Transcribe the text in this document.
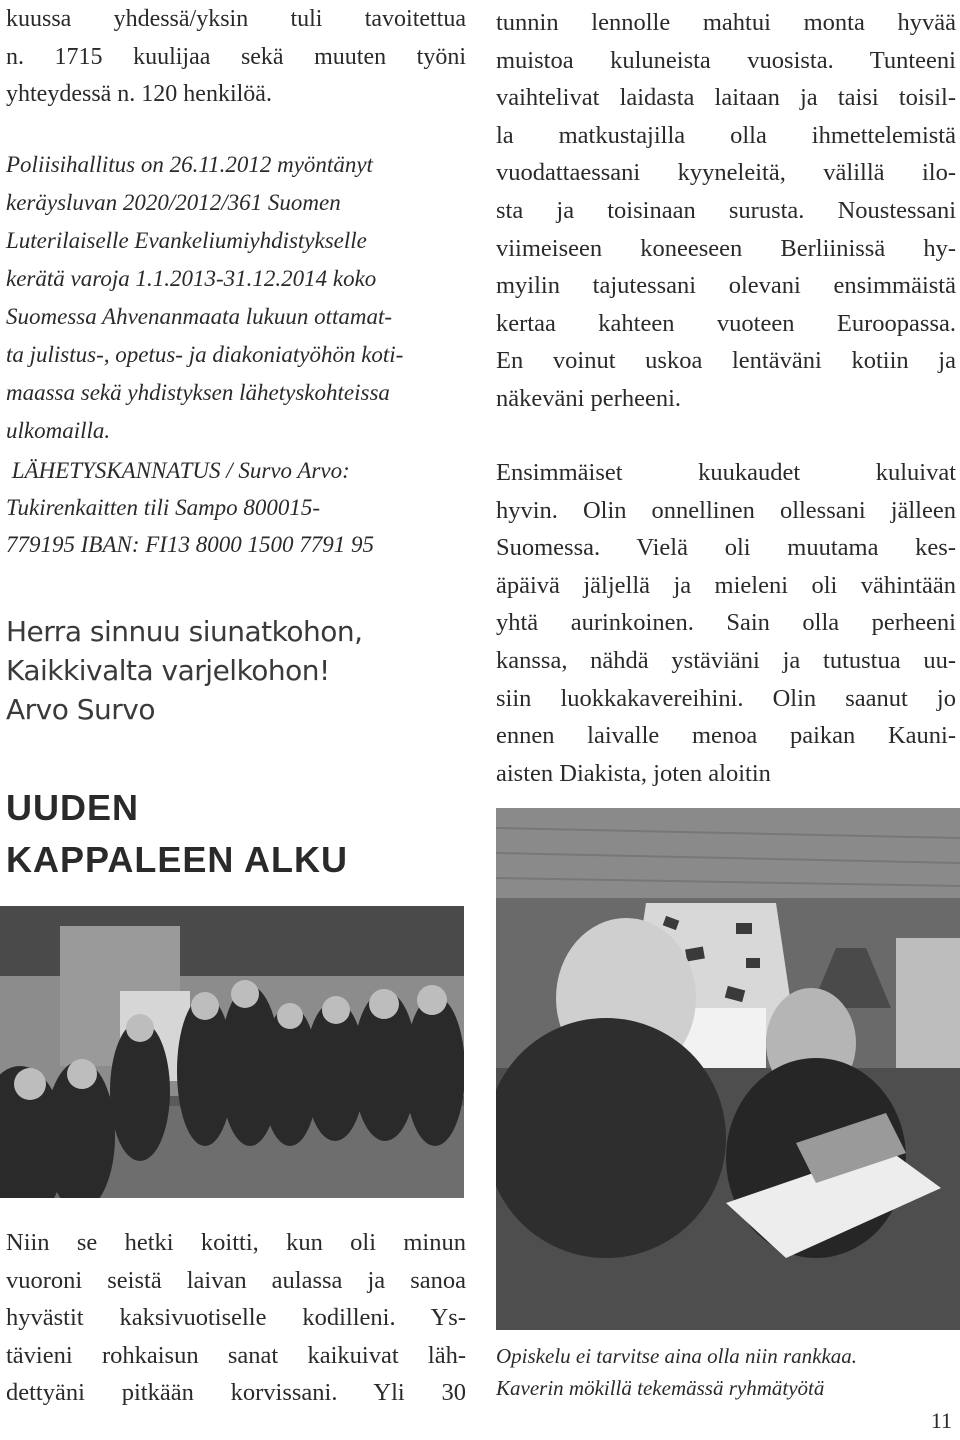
kuussa yhdessä/yksin tuli tavoitettua

n. 1715 kuulijaa sekä muuten työni

yhteydessä n. 120 henkilöä.

Poliisihallitus on 26.11.2012 myöntänyt

keräysluvan 2020/2012/361 Suomen

Luterilaiselle Evankeliumiyhdistykselle

kerätä varoja 1.1.2013-31.12.2014 koko

Suomessa Ahvenanmaata lukuun ottamat-

ta julistus-, opetus- ja diakoniatyöhön koti-

maassa sekä yhdistyksen lähetyskohteissa

ulkomailla.

LÄHETYSKANNATUS / Survo Arvo:

Tukirenkaitten tili Sampo 800015-

779195 IBAN: FI13 8000 1500 7791 95

Herra sinnuu siunatkohon,

Kaikkivalta varjelkohon!

Arvo Survo

UUDEN

KAPPALEEN ALKU

Niin se hetki koitti, kun oli minun

vuoroni seistä laivan aulassa ja sanoa

hyvästit kaksivuotiselle kodilleni. Ys-

tävieni rohkaisun sanat kaikuivat läh-

dettyäni pitkään korvissani. Yli 30

tunnin lennolle mahtui monta hyvää

muistoa kuluneista vuosista. Tunteeni

vaihtelivat laidasta laitaan ja taisi toisil-

la matkustajilla olla ihmettelemistä

vuodattaessani kyyneleitä, välillä ilo-

sta ja toisinaan surusta. Noustessani

viimeiseen koneeseen Berliinissä hy-

myilin tajutessani olevani ensimmäistä

kertaa kahteen vuoteen Euroopassa.

En voinut uskoa lentäväni kotiin ja

näkeväni perheeni.

Ensimmäiset kuukaudet kuluivat

hyvin. Olin onnellinen ollessani jälleen

Suomessa. Vielä oli muutama kes-

äpäivä jäljellä ja mieleni oli vähintään

yhtä aurinkoinen. Sain olla perheeni

kanssa, nähdä ystäviäni ja tutustua uu-

siin luokkakavereihini. Olin saanut jo

ennen laivalle menoa paikan Kauni-

aisten Diakista, joten aloitin

Opiskelu ei tarvitse aina olla niin rankkaa.

Kaverin mökillä tekemässä ryhmätyötä

11
